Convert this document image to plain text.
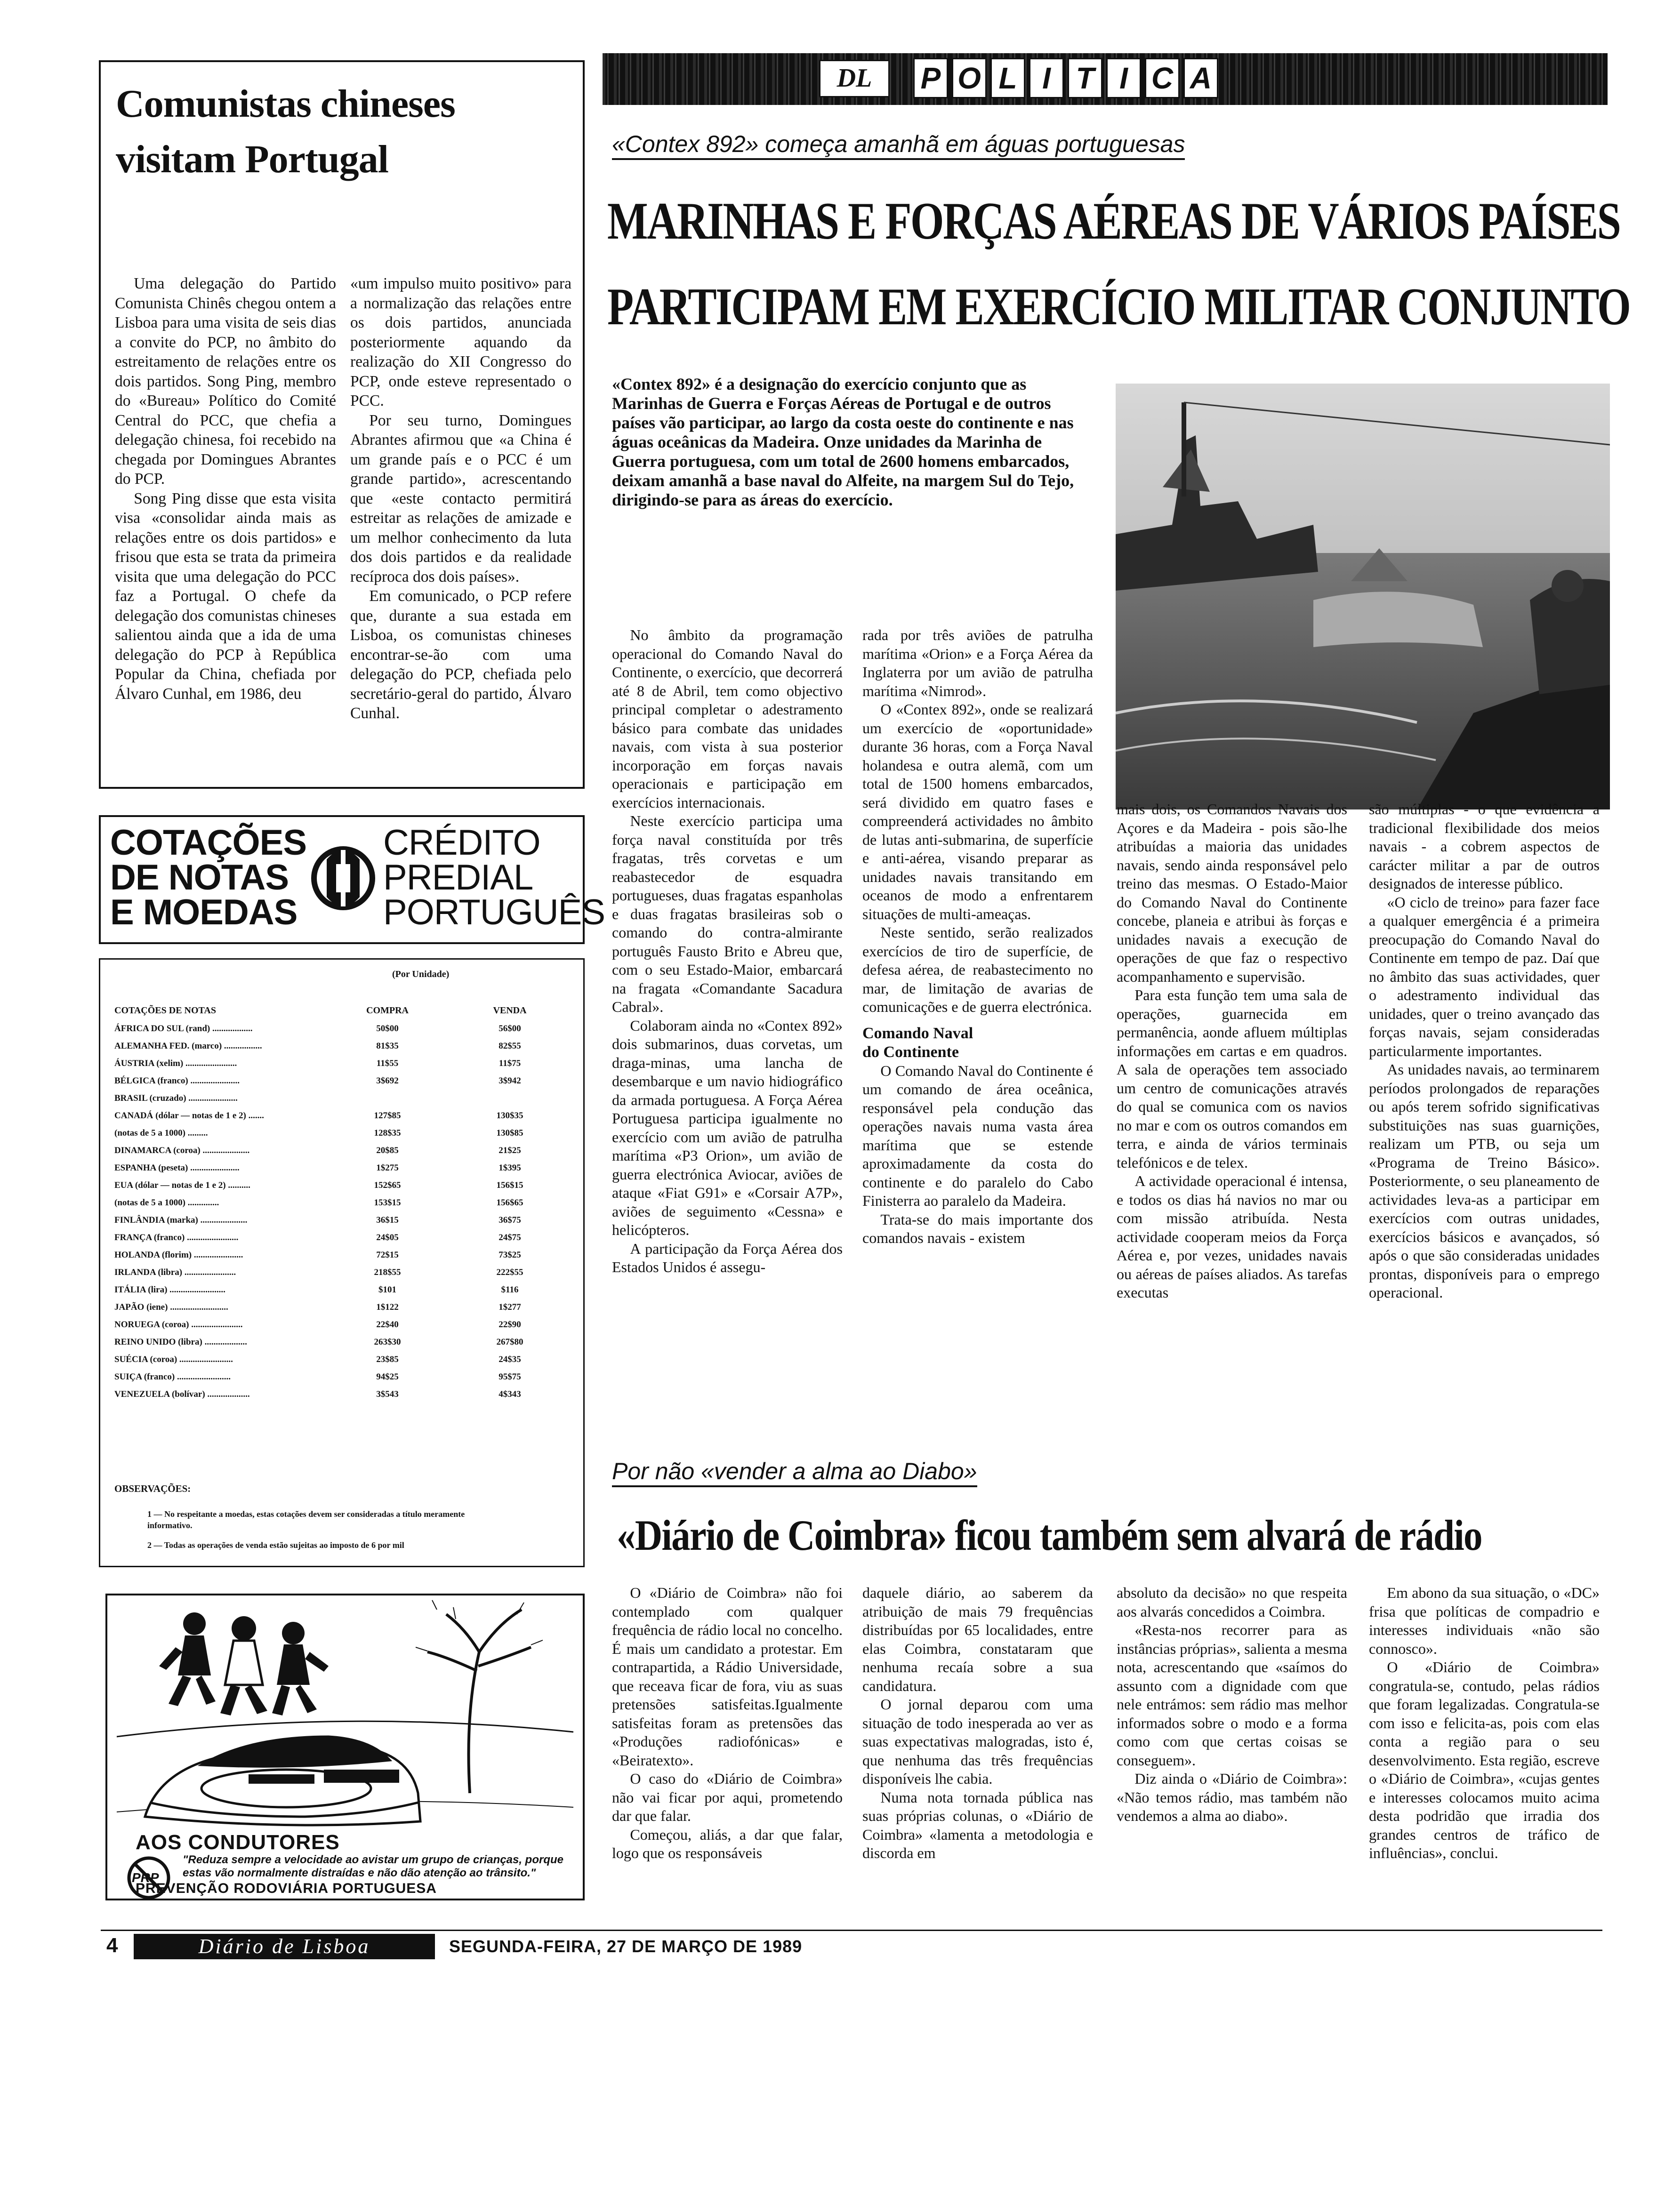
Comunistas chineses
visitam Portugal

Uma delegação do Partido Comunista Chinês chegou ontem a Lisboa para uma visita de seis dias a convite do PCP, no âmbito do estreitamento de relações entre os dois partidos. Song Ping, membro do «Bureau» Político do Comité Central do PCC, que chefia a delegação chinesa, foi recebido na chegada por Domingues Abrantes do PCP.

Song Ping disse que esta visita visa «consolidar ainda mais as relações entre os dois partidos» e frisou que esta se trata da primeira visita que uma delegação do PCC faz a Portugal. O chefe da delegação dos comunistas chineses salientou ainda que a ida de uma delegação do PCP à República Popular da China, chefiada por Álvaro Cunhal, em 1986, deu

«um impulso muito positivo» para a normalização das relações entre os dois partidos, anunciada posteriormente aquando da realização do XII Congresso do PCP, onde esteve representado o PCC.

Por seu turno, Domingues Abrantes afirmou que «a China é um grande país e o PCC é um grande partido», acrescentando que «este contacto permitirá estreitar as relações de amizade e um melhor conhecimento da luta dos dois partidos e da realidade recíproca dos dois países».

Em comunicado, o PCP refere que, durante a sua estada em Lisboa, os comunistas chineses encontrar-se-ão com uma delegação do PCP, chefiada pelo secretário-geral do partido, Álvaro Cunhal.

COTAÇÕES
DE NOTAS
E MOEDAS
CRÉDITO
PREDIAL
PORTUGUÊS
(Por Unidade)
COTAÇÕES DE NOTAS	COMPRA	VENDA
ÁFRICA DO SUL (rand) ..................	50$00	56$00
ALEMANHA FED. (marco) .................	81$35	82$55
ÁUSTRIA (xelim) .......................	11$55	11$75
BÉLGICA (franco) ......................	3$692	3$942
BRASIL (cruzado) ......................		
CANADÁ (dólar — notas de 1 e 2) .......	127$85	130$35
(notas de 5 a 1000) .........	128$35	130$85
DINAMARCA (coroa) .....................	20$85	21$25
ESPANHA (peseta) ......................	1$275	1$395
EUA (dólar — notas de 1 e 2) ..........	152$65	156$15
(notas de 5 a 1000) ..............	153$15	156$65
FINLÂNDIA (marka) .....................	36$15	36$75
FRANÇA (franco) .......................	24$05	24$75
HOLANDA (florim) ......................	72$15	73$25
IRLANDA (libra) .......................	218$55	222$55
ITÁLIA (lira) .........................	$101	$116
JAPÃO (iene) ..........................	1$122	1$277
NORUEGA (coroa) .......................	22$40	22$90
REINO UNIDO (libra) ...................	263$30	267$80
SUÉCIA (coroa) ........................	23$85	24$35
SUIÇA (franco) ........................	94$25	95$75
VENEZUELA (bolívar) ...................	3$543	4$343
OBSERVAÇÕES:
1 — No respeitante a moedas, estas cotações devem ser consideradas a título meramente informativo.
2 — Todas as operações de venda estão sujeitas ao imposto de 6 por mil
AOS CONDUTORES
PRP
"Reduza sempre a velocidade ao avistar um grupo de crianças, porque estas vão normalmente distraídas e não dão atenção ao trânsito."
PREVENÇÃO RODOVIÁRIA PORTUGUESA
DL	P O L I T I C A
«Contex 892» começa amanhã em águas portuguesas
MARINHAS E FORÇAS AÉREAS DE VÁRIOS PAÍSES
PARTICIPAM EM EXERCÍCIO MILITAR CONJUNTO

«Contex 892» é a designação do exercício conjunto que as Marinhas de Guerra e Forças Aéreas de Portugal e de outros países vão participar, ao largo da costa oeste do continente e nas águas oceânicas da Madeira. Onze unidades da Marinha de Guerra portuguesa, com um total de 2600 homens embarcados, deixam amanhã a base naval do Alfeite, na margem Sul do Tejo, dirigindo-se para as áreas do exercício.

No âmbito da programação operacional do Comando Naval do Continente, o exercício, que decorrerá até 8 de Abril, tem como objectivo principal completar o adestramento básico para combate das unidades navais, com vista à sua posterior incorporação em forças navais operacionais e participação em exercícios internacionais.

Neste exercício participa uma força naval constituída por três fragatas, três corvetas e um reabastecedor de esquadra portugueses, duas fragatas espanholas e duas fragatas brasileiras sob o comando do contra-almirante português Fausto Brito e Abreu que, com o seu Estado-Maior, embarcará na fragata «Comandante Sacadura Cabral».

Colaboram ainda no «Contex 892» dois submarinos, duas corvetas, um draga-minas, uma lancha de desembarque e um navio hidiográfico da armada portuguesa. A Força Aérea Portuguesa participa igualmente no exercício com um avião de patrulha marítima «P3 Orion», um avião de guerra electrónica Aviocar, aviões de ataque «Fiat G91» e «Corsair A7P», aviões de seguimento «Cessna» e helicópteros.

A participação da Força Aérea dos Estados Unidos é assegu-

rada por três aviões de patrulha marítima «Orion» e a Força Aérea da Inglaterra por um avião de patrulha marítima «Nimrod».

O «Contex 892», onde se realizará um exercício de «oportunidade» durante 36 horas, com a Força Naval holandesa e outra alemã, com um total de 1500 homens embarcados, será dividido em quatro fases e compreenderá actividades no âmbito de lutas anti-submarina, de superfície e anti-aérea, visando preparar as unidades navais transitando em oceanos de modo a enfrentarem situações de multi-ameaças.

Neste sentido, serão realizados exercícios de tiro de superfície, de defesa aérea, de reabastecimento no mar, de limitação de avarias de comunicações e de guerra electrónica.

Comando Naval
do Continente

O Comando Naval do Continente é um comando de área oceânica, responsável pela condução das operações navais numa vasta área marítima que se estende aproximadamente da costa do continente e do paralelo do Cabo Finisterra ao paralelo da Madeira.

Trata-se do mais importante dos comandos navais - existem

mais dois, os Comandos Navais dos Açores e da Madeira - pois são-lhe atribuídas a maioria das unidades navais, sendo ainda responsável pelo treino das mesmas. O Estado-Maior do Comando Naval do Continente concebe, planeia e atribui às forças e unidades navais a execução de operações de que faz o respectivo acompanhamento e supervisão.

Para esta função tem uma sala de operações, guarnecida em permanência, aonde afluem múltiplas informações em cartas e em quadros. A sala de operações tem associado um centro de comunicações através do qual se comunica com os navios no mar e com os outros comandos em terra, e ainda de vários terminais telefónicos e de telex.

A actividade operacional é intensa, e todos os dias há navios no mar ou com missão atribuída. Nesta actividade cooperam meios da Força Aérea e, por vezes, unidades navais ou aéreas de países aliados. As tarefas executas

são múltiplas - o que evidência a tradicional flexibilidade dos meios navais - a cobrem aspectos de carácter militar a par de outros designados de interesse público.

«O ciclo de treino» para fazer face a qualquer emergência é a primeira preocupação do Comando Naval do Continente em tempo de paz. Daí que no âmbito das suas actividades, quer o adestramento individual das unidades, quer o treino avançado das forças navais, sejam consideradas particularmente importantes.

As unidades navais, ao terminarem períodos prolongados de reparações ou após terem sofrido significativas substituições nas suas guarnições, realizam um PTB, ou seja um «Programa de Treino Básico». Posteriormente, o seu planeamento de actividades leva-as a participar em exercícios com outras unidades, exercícios básicos e avançados, só após o que são consideradas unidades prontas, disponíveis para o emprego operacional.

Por não «vender a alma ao Diabo»
«Diário de Coimbra» ficou também sem alvará de rádio

O «Diário de Coimbra» não foi contemplado com qualquer frequência de rádio local no concelho. É mais um candidato a protestar. Em contrapartida, a Rádio Universidade, que receava ficar de fora, viu as suas pretensões satisfeitas.Igualmente satisfeitas foram as pretensões das «Produções radiofónicas» e «Beiratexto».

O caso do «Diário de Coimbra» não vai ficar por aqui, prometendo dar que falar.

Começou, aliás, a dar que falar, logo que os responsáveis

daquele diário, ao saberem da atribuição de mais 79 frequências distribuídas por 65 localidades, entre elas Coimbra, constataram que nenhuma recaía sobre a sua candidatura.

O jornal deparou com uma situação de todo inesperada ao ver as suas expectativas malogradas, isto é, que nenhuma das três frequências disponíveis lhe cabia.

Numa nota tornada pública nas suas próprias colunas, o «Diário de Coimbra» «lamenta a metodologia e discorda em

absoluto da decisão» no que respeita aos alvarás concedidos a Coimbra.

«Resta-nos recorrer para as instâncias próprias», salienta a mesma nota, acrescentando que «saímos do assunto com a dignidade com que nele entrámos: sem rádio mas melhor informados sobre o modo e a forma como com que certas coisas se conseguem».

Diz ainda o «Diário de Coimbra»: «Não temos rádio, mas também não vendemos a alma ao diabo».

Em abono da sua situação, o «DC» frisa que políticas de compadrio e interesses individuais «não são connosco».

O «Diário de Coimbra» congratula-se, contudo, pelas rádios que foram legalizadas. Congratula-se com isso e felicita-as, pois com elas conta a região para o seu desenvolvimento. Esta região, escreve o «Diário de Coimbra», «cujas gentes e interesses colocamos muito acima desta podridão que irradia dos grandes centros de tráfico de influências», conclui.

4	Diário de Lisboa	SEGUNDA-FEIRA, 27 DE MARÇO DE 1989
